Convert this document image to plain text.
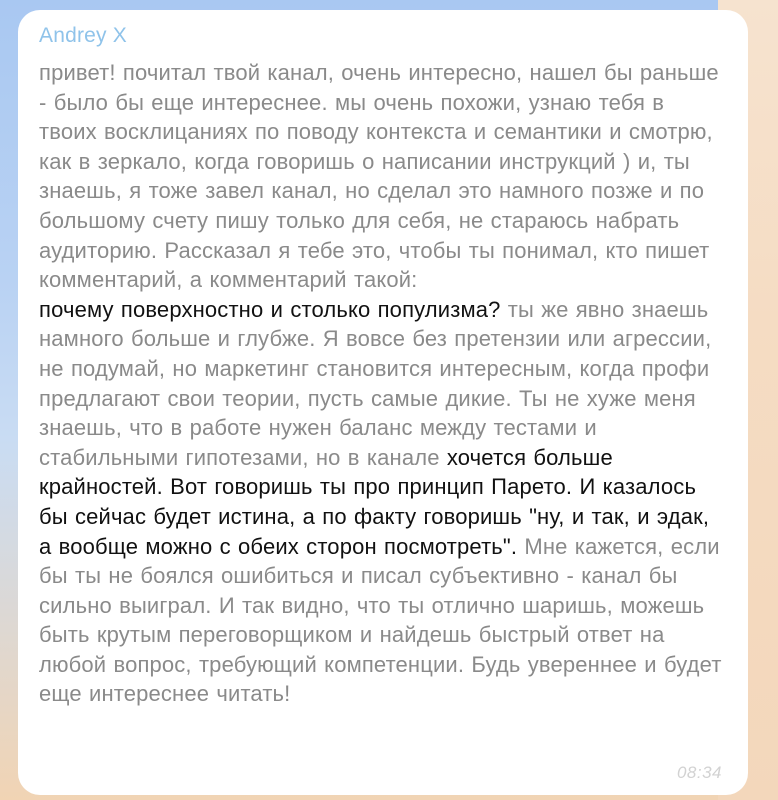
Andrey X
привет! почитал твой канал, очень интересно, нашел бы раньше - было бы еще интереснее. мы очень похожи, узнаю тебя в твоих восклицаниях по поводу контекста и семантики и смотрю, как в зеркало, когда говоришь о написании инструкций ) и, ты знаешь, я тоже завел канал, но сделал это намного позже и по большому счету пишу только для себя, не стараюсь набрать аудиторию. Рассказал я тебе это, чтобы ты понимал, кто пишет комментарий, а комментарий такой:
почему поверхностно и столько популизма? ты же явно знаешь намного больше и глубже. Я вовсе без претензии или агрессии, не подумай, но маркетинг становится интересным, когда профи предлагают свои теории, пусть самые дикие. Ты не хуже меня знаешь, что в работе нужен баланс между тестами и стабильными гипотезами, но в канале хочется больше крайностей. Вот говоришь ты про принцип Парето. И казалось бы сейчас будет истина, а по факту говоришь "ну, и так, и эдак, а вообще можно с обеих сторон посмотреть". Мне кажется, если бы ты не боялся ошибиться и писал субъективно - канал бы сильно выиграл. И так видно, что ты отлично шаришь, можешь быть крутым переговорщиком и найдешь быстрый ответ на любой вопрос, требующий компетенции. Будь увереннее и будет еще интереснее читать!
08:34
